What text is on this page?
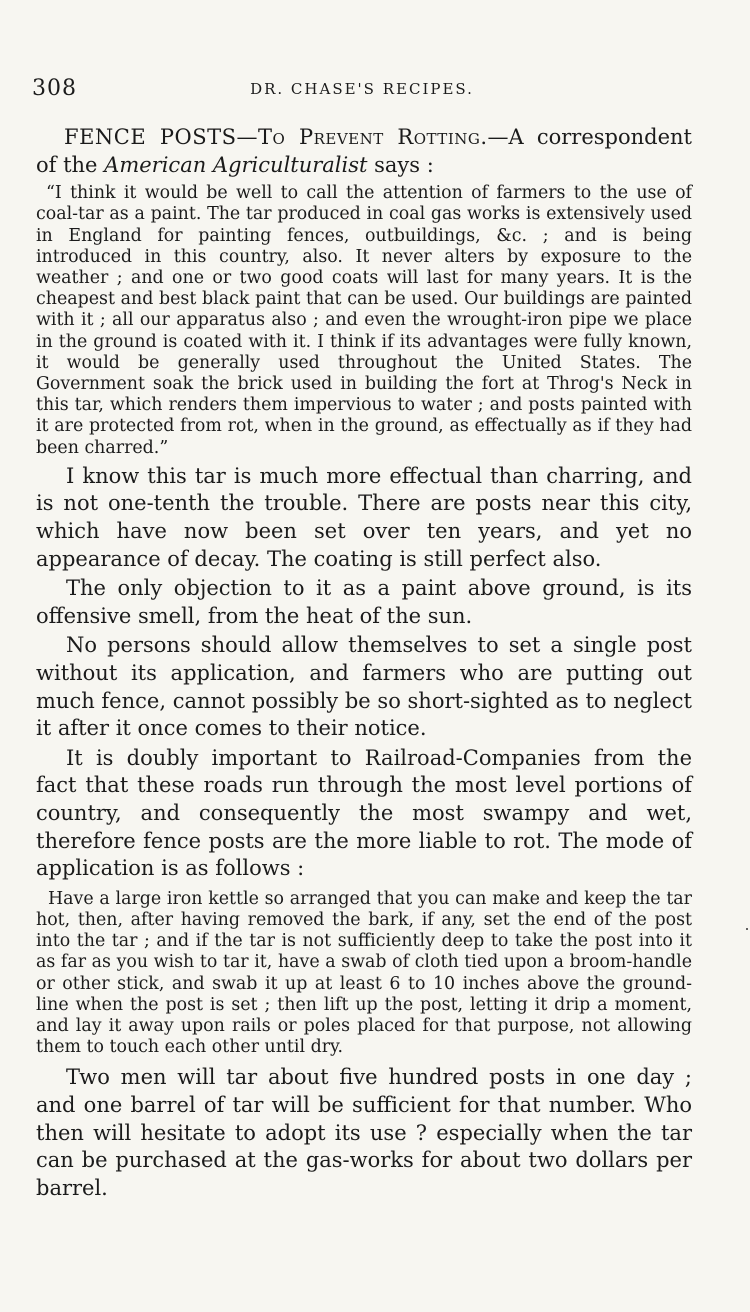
308	DR. CHASE'S RECIPES.

FENCE POSTS—To Prevent Rotting.—A correspondent of the American Agriculturalist says :

“I think it would be well to call the attention of farmers to the use of coal-tar as a paint. The tar produced in coal gas works is extensively used in England for painting fences, outbuildings, &c. ; and is being introduced in this country, also. It never alters by exposure to the weather ; and one or two good coats will last for many years. It is the cheapest and best black paint that can be used. Our buildings are painted with it ; all our apparatus also ; and even the wrought-iron pipe we place in the ground is coated with it. I think if its advantages were fully known, it would be generally used throughout the United States. The Government soak the brick used in building the fort at Throg's Neck in this tar, which renders them impervious to water ; and posts painted with it are protected from rot, when in the ground, as effectually as if they had been charred.”

I know this tar is much more effectual than charring, and is not one-tenth the trouble. There are posts near this city, which have now been set over ten years, and yet no appearance of decay. The coating is still perfect also.

The only objection to it as a paint above ground, is its offensive smell, from the heat of the sun.

No persons should allow themselves to set a single post without its application, and farmers who are putting out much fence, cannot possibly be so short-sighted as to neglect it after it once comes to their notice.

It is doubly important to Railroad-Companies from the fact that these roads run through the most level portions of country, and consequently the most swampy and wet, therefore fence posts are the more liable to rot. The mode of application is as follows :

Have a large iron kettle so arranged that you can make and keep the tar hot, then, after having removed the bark, if any, set the end of the post into the tar ; and if the tar is not sufficiently deep to take the post into it as far as you wish to tar it, have a swab of cloth tied upon a broom-handle or other stick, and swab it up at least 6 to 10 inches above the ground-line when the post is set ; then lift up the post, letting it drip a moment, and lay it away upon rails or poles placed for that purpose, not allowing them to touch each other until dry.

Two men will tar about five hundred posts in one day ; and one barrel of tar will be sufficient for that number. Who then will hesitate to adopt its use ? especially when the tar can be purchased at the gas-works for about two dollars per barrel.
